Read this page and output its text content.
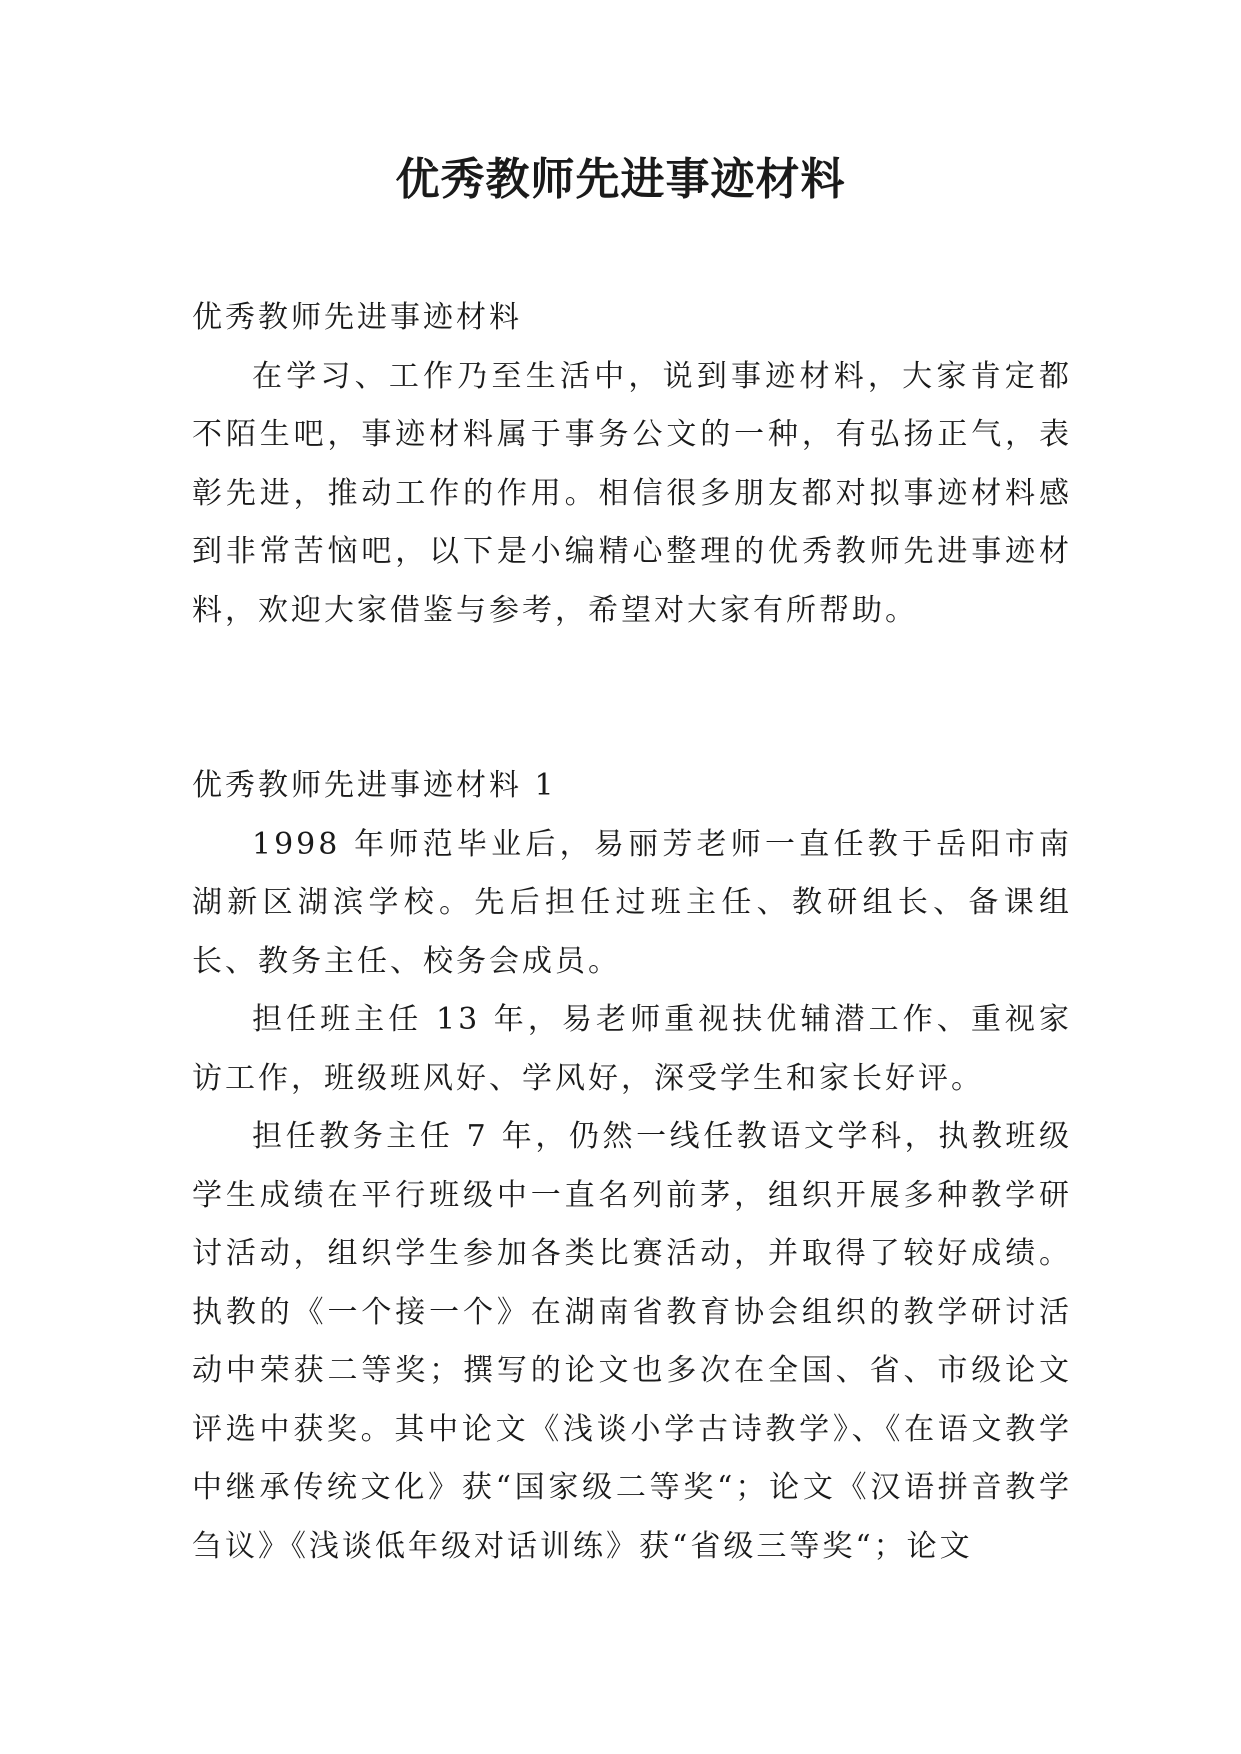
优秀教师先进事迹材料

优秀教师先进事迹材料

在学习、工作乃至生活中，说到事迹材料，大家肯定都不陌生吧，事迹材料属于事务公文的一种，有弘扬正气，表彰先进，推动工作的作用。相信很多朋友都对拟事迹材料感到非常苦恼吧，以下是小编精心整理的优秀教师先进事迹材料，欢迎大家借鉴与参考，希望对大家有所帮助。

优秀教师先进事迹材料 1

1998 年师范毕业后，易丽芳老师一直任教于岳阳市南湖新区湖滨学校。先后担任过班主任、教研组长、备课组长、教务主任、校务会成员。

担任班主任 13 年，易老师重视扶优辅潜工作、重视家访工作，班级班风好、学风好，深受学生和家长好评。

担任教务主任 7 年，仍然一线任教语文学科，执教班级学生成绩在平行班级中一直名列前茅，组织开展多种教学研讨活动，组织学生参加各类比赛活动，并取得了较好成绩。执教的《一个接一个》在湖南省教育协会组织的教学研讨活动中荣获二等奖；撰写的论文也多次在全国、省、市级论文评选中获奖。其中论文《浅谈小学古诗教学》、《在语文教学中继承传统文化》获“国家级二等奖“；论文《汉语拼音教学刍议》《浅谈低年级对话训练》获“省级三等奖“；论文
